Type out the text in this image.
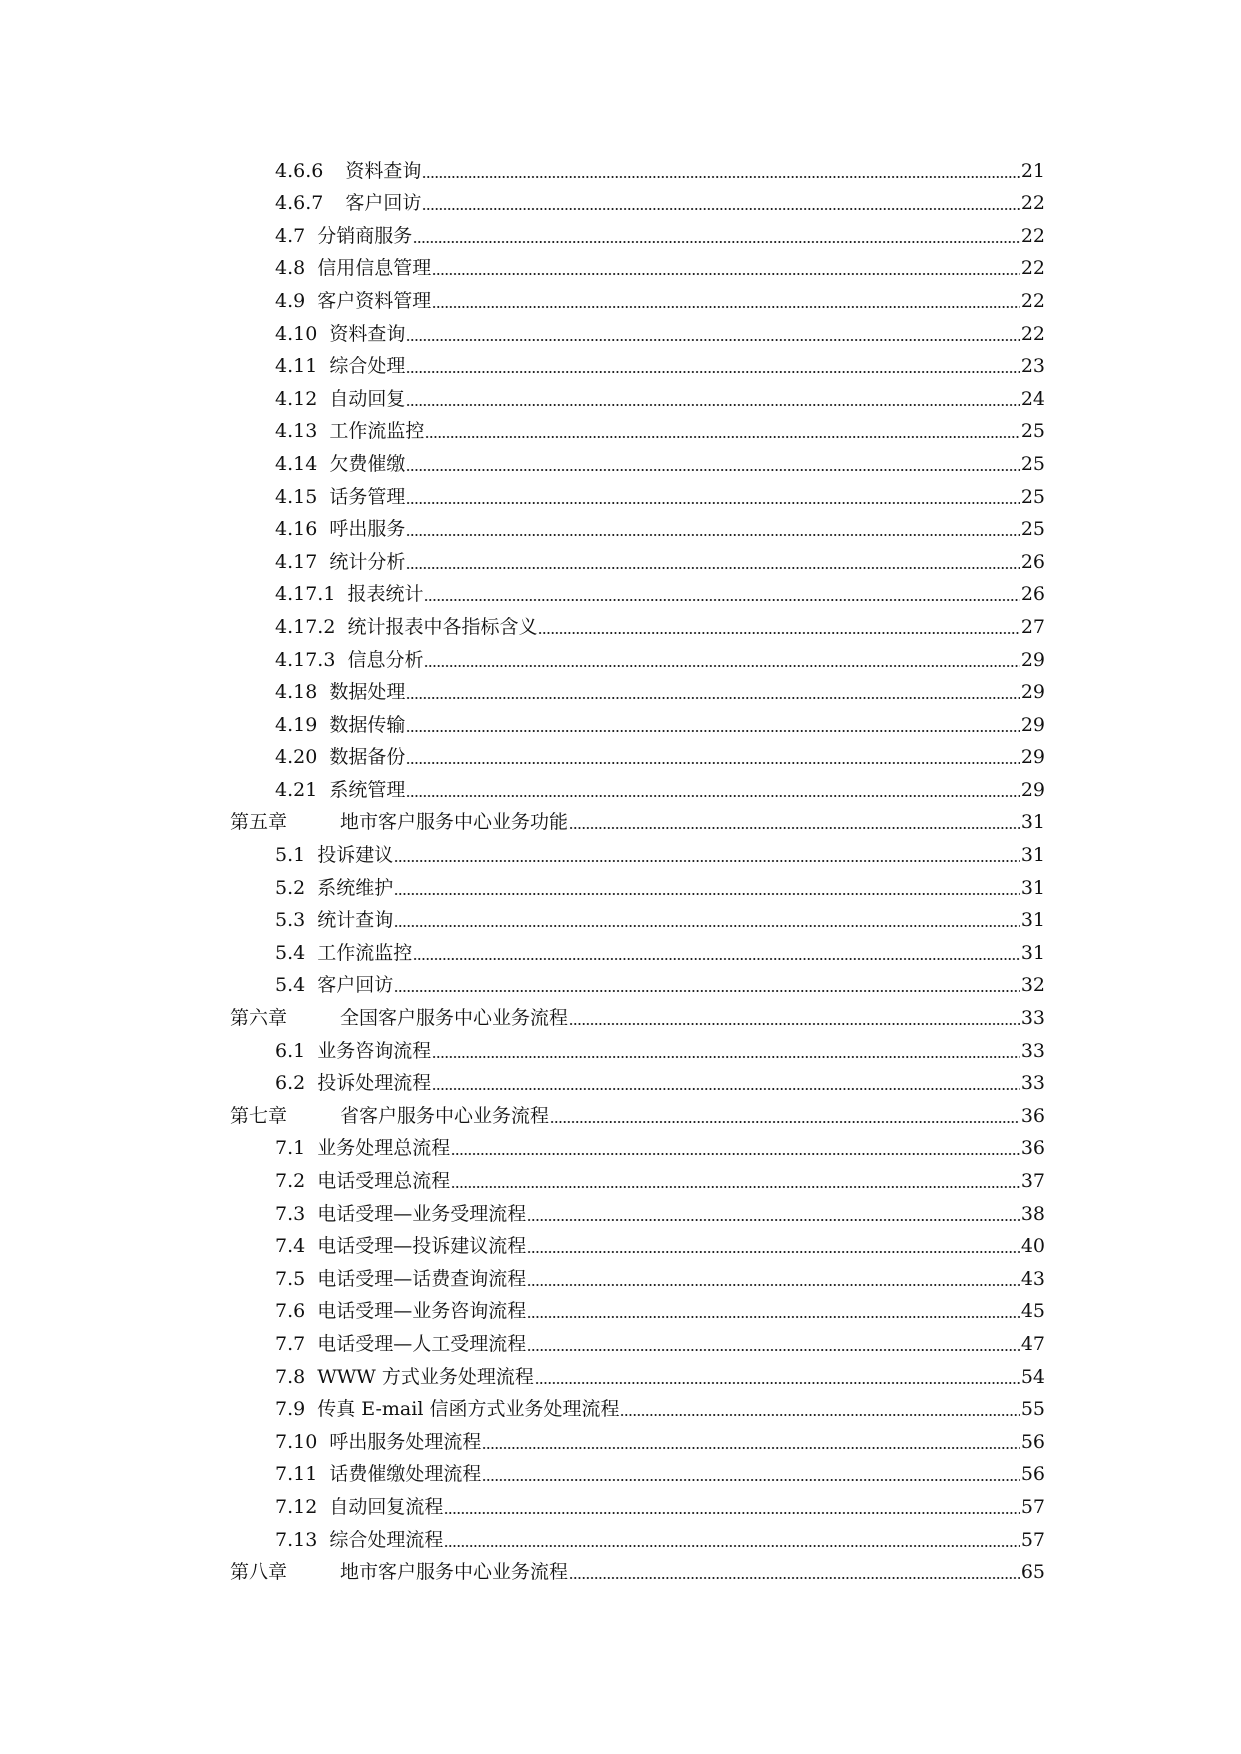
4.6.6 资料查询	21
4.6.7 客户回访	22
4.7 分销商服务	22
4.8 信用信息管理	22
4.9 客户资料管理	22
4.10 资料查询	22
4.11 综合处理	23
4.12 自动回复	24
4.13 工作流监控	25
4.14 欠费催缴	25
4.15 话务管理	25
4.16 呼出服务	25
4.17 统计分析	26
4.17.1 报表统计	26
4.17.2 统计报表中各指标含义	27
4.17.3 信息分析	29
4.18 数据处理	29
4.19 数据传输	29
4.20 数据备份	29
4.21 系统管理	29
第五章	地市客户服务中心业务功能	31
5.1 投诉建议	31
5.2 系统维护	31
5.3 统计查询	31
5.4 工作流监控	31
5.4 客户回访	32
第六章	全国客户服务中心业务流程	33
6.1 业务咨询流程	33
6.2 投诉处理流程	33
第七章	省客户服务中心业务流程	36
7.1 业务处理总流程	36
7.2 电话受理总流程	37
7.3 电话受理—业务受理流程	38
7.4 电话受理—投诉建议流程	40
7.5 电话受理—话费查询流程	43
7.6 电话受理—业务咨询流程	45
7.7 电话受理—人工受理流程	47
7.8 WWW 方式业务处理流程	54
7.9 传真 E-mail 信函方式业务处理流程	55
7.10 呼出服务处理流程	56
7.11 话费催缴处理流程	56
7.12 自动回复流程	57
7.13 综合处理流程	57
第八章	地市客户服务中心业务流程	65
